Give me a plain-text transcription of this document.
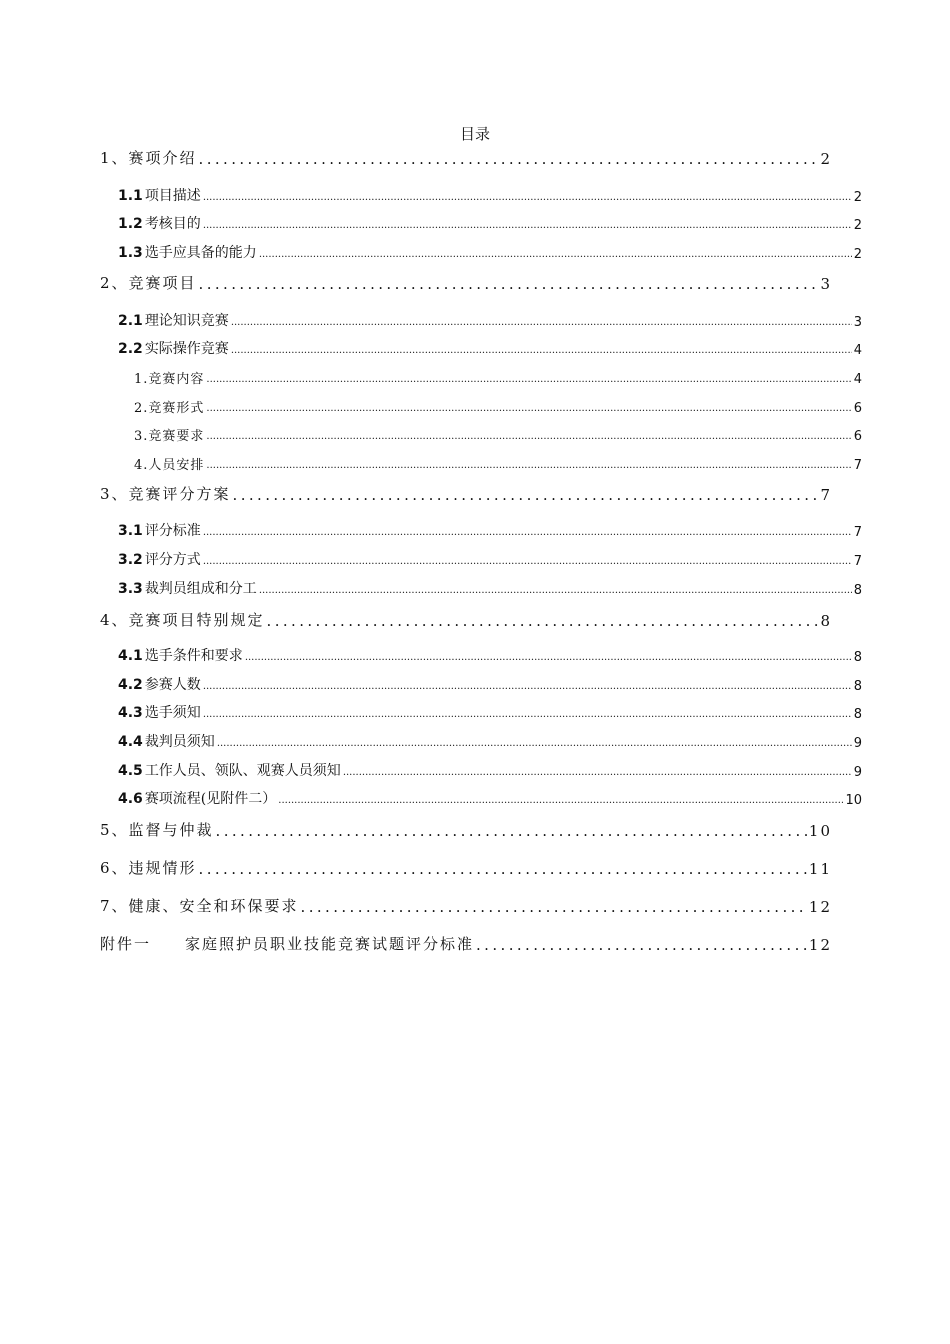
目录
1、赛项介绍 .....	2
1.1 项目描述 .....	2
1.2 考核目的 .....	2
1.3 选手应具备的能力 .....	2
2、竞赛项目 .....	3
2.1 理论知识竞赛 .....	3
2.2 实际操作竞赛 .....	4
1.竞赛内容 .....	4
2.竞赛形式 .....	6
3.竞赛要求 .....	6
4.人员安排 .....	7
3、竞赛评分方案 .....	7
3.1 评分标准 .....	7
3.2 评分方式 .....	7
3.3 裁判员组成和分工 .....	8
4、竞赛项目特别规定 .....	8
4.1 选手条件和要求 .....	8
4.2 参赛人数 .....	8
4.3 选手须知 .....	8
4.4 裁判员须知 .....	9
4.5 工作人员、领队、观赛人员须知 .....	9
4.6 赛项流程(见附件二） .....	10
5、监督与仲裁 .....	10
6、违规情形 .....	11
7、健康、安全和环保要求 .....	12
附件一　　家庭照护员职业技能竞赛试题评分标准 .....	12
